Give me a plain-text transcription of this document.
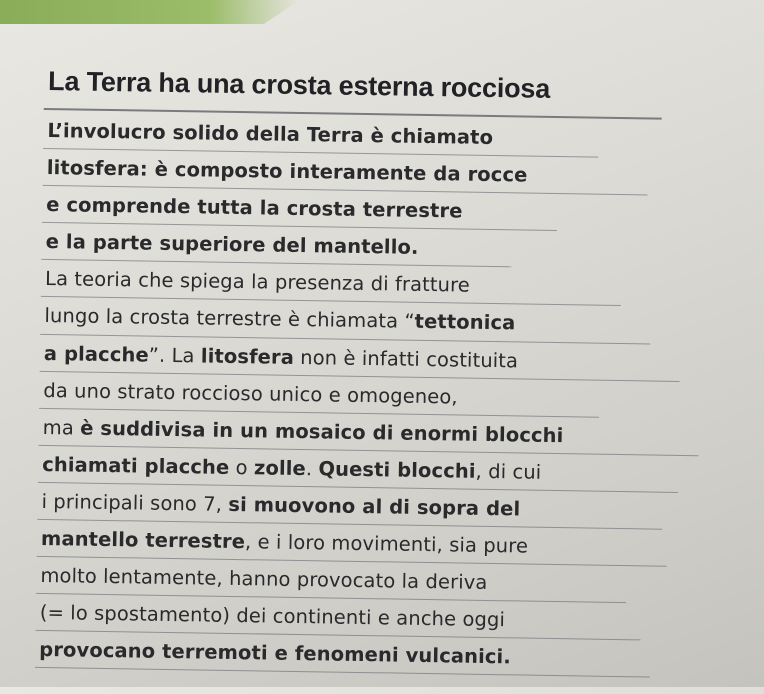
La Terra ha una crosta esterna rocciosa
L’involucro solido della Terra è chiamato
litosfera: è composto interamente da rocce
e comprende tutta la crosta terrestre
e la parte superiore del mantello.
La teoria che spiega la presenza di fratture
lungo la crosta terrestre è chiamata “tettonica
a placche”. La litosfera non è infatti costituita
da uno strato roccioso unico e omogeneo,
ma è suddivisa in un mosaico di enormi blocchi
chiamati placche o zolle. Questi blocchi, di cui
i principali sono 7, si muovono al di sopra del
mantello terrestre, e i loro movimenti, sia pure
molto lentamente, hanno provocato la deriva
(= lo spostamento) dei continenti e anche oggi
provocano terremoti e fenomeni vulcanici.
